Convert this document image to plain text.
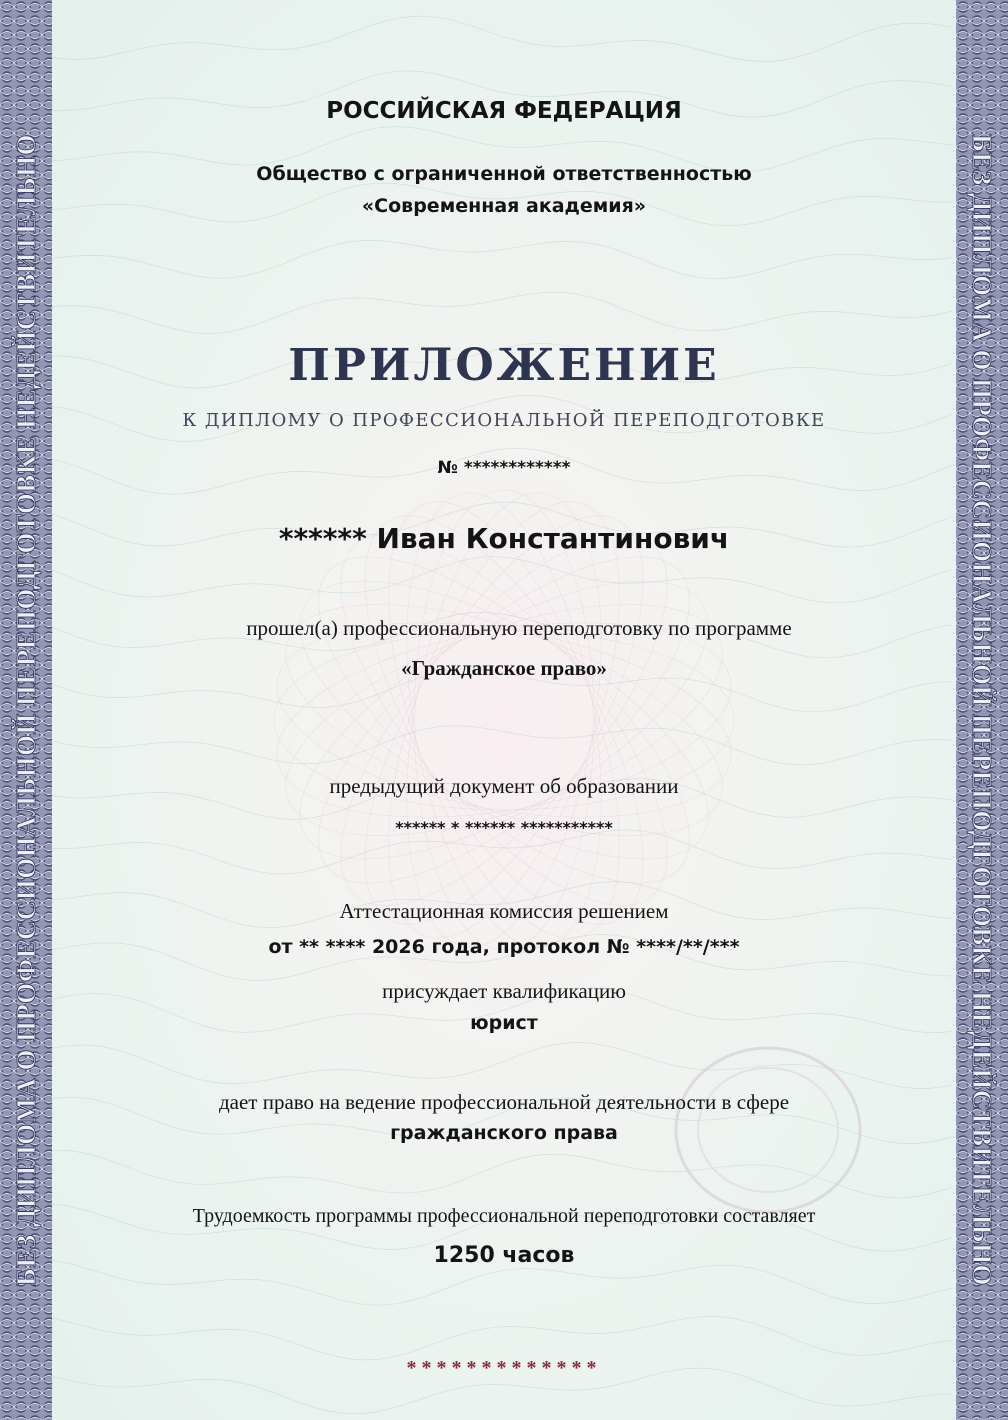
БЕЗ ДИПЛОМА О ПРОФЕССИОНАЛЬНОЙ ПЕРЕПОДГОТОВКЕ НЕДЕЙСТВИТЕЛЬНО	БЕЗ ДИПЛОМА О ПРОФЕССИОНАЛЬНОЙ ПЕРЕПОДГОТОВКЕ НЕДЕЙСТВИТЕЛЬНО
РОССИЙСКАЯ ФЕДЕРАЦИЯ
Общество с ограниченной ответственностью
«Современная академия»
ПРИЛОЖЕНИЕ
К ДИПЛОМУ О ПРОФЕССИОНАЛЬНОЙ ПЕРЕПОДГОТОВКЕ
№ ************
****** Иван Константинович
прошел(а) профессиональную переподготовку по программе
«Гражданское право»
предыдущий документ об образовании
****** * ****** ***********
Аттестационная комиссия решением
от ** **** 2026 года, протокол № ****/**/***
присуждает квалификацию
юрист
дает право на ведение профессиональной деятельности в сфере
гражданского права
Трудоемкость программы профессиональной переподготовки составляет
1250 часов
*************
